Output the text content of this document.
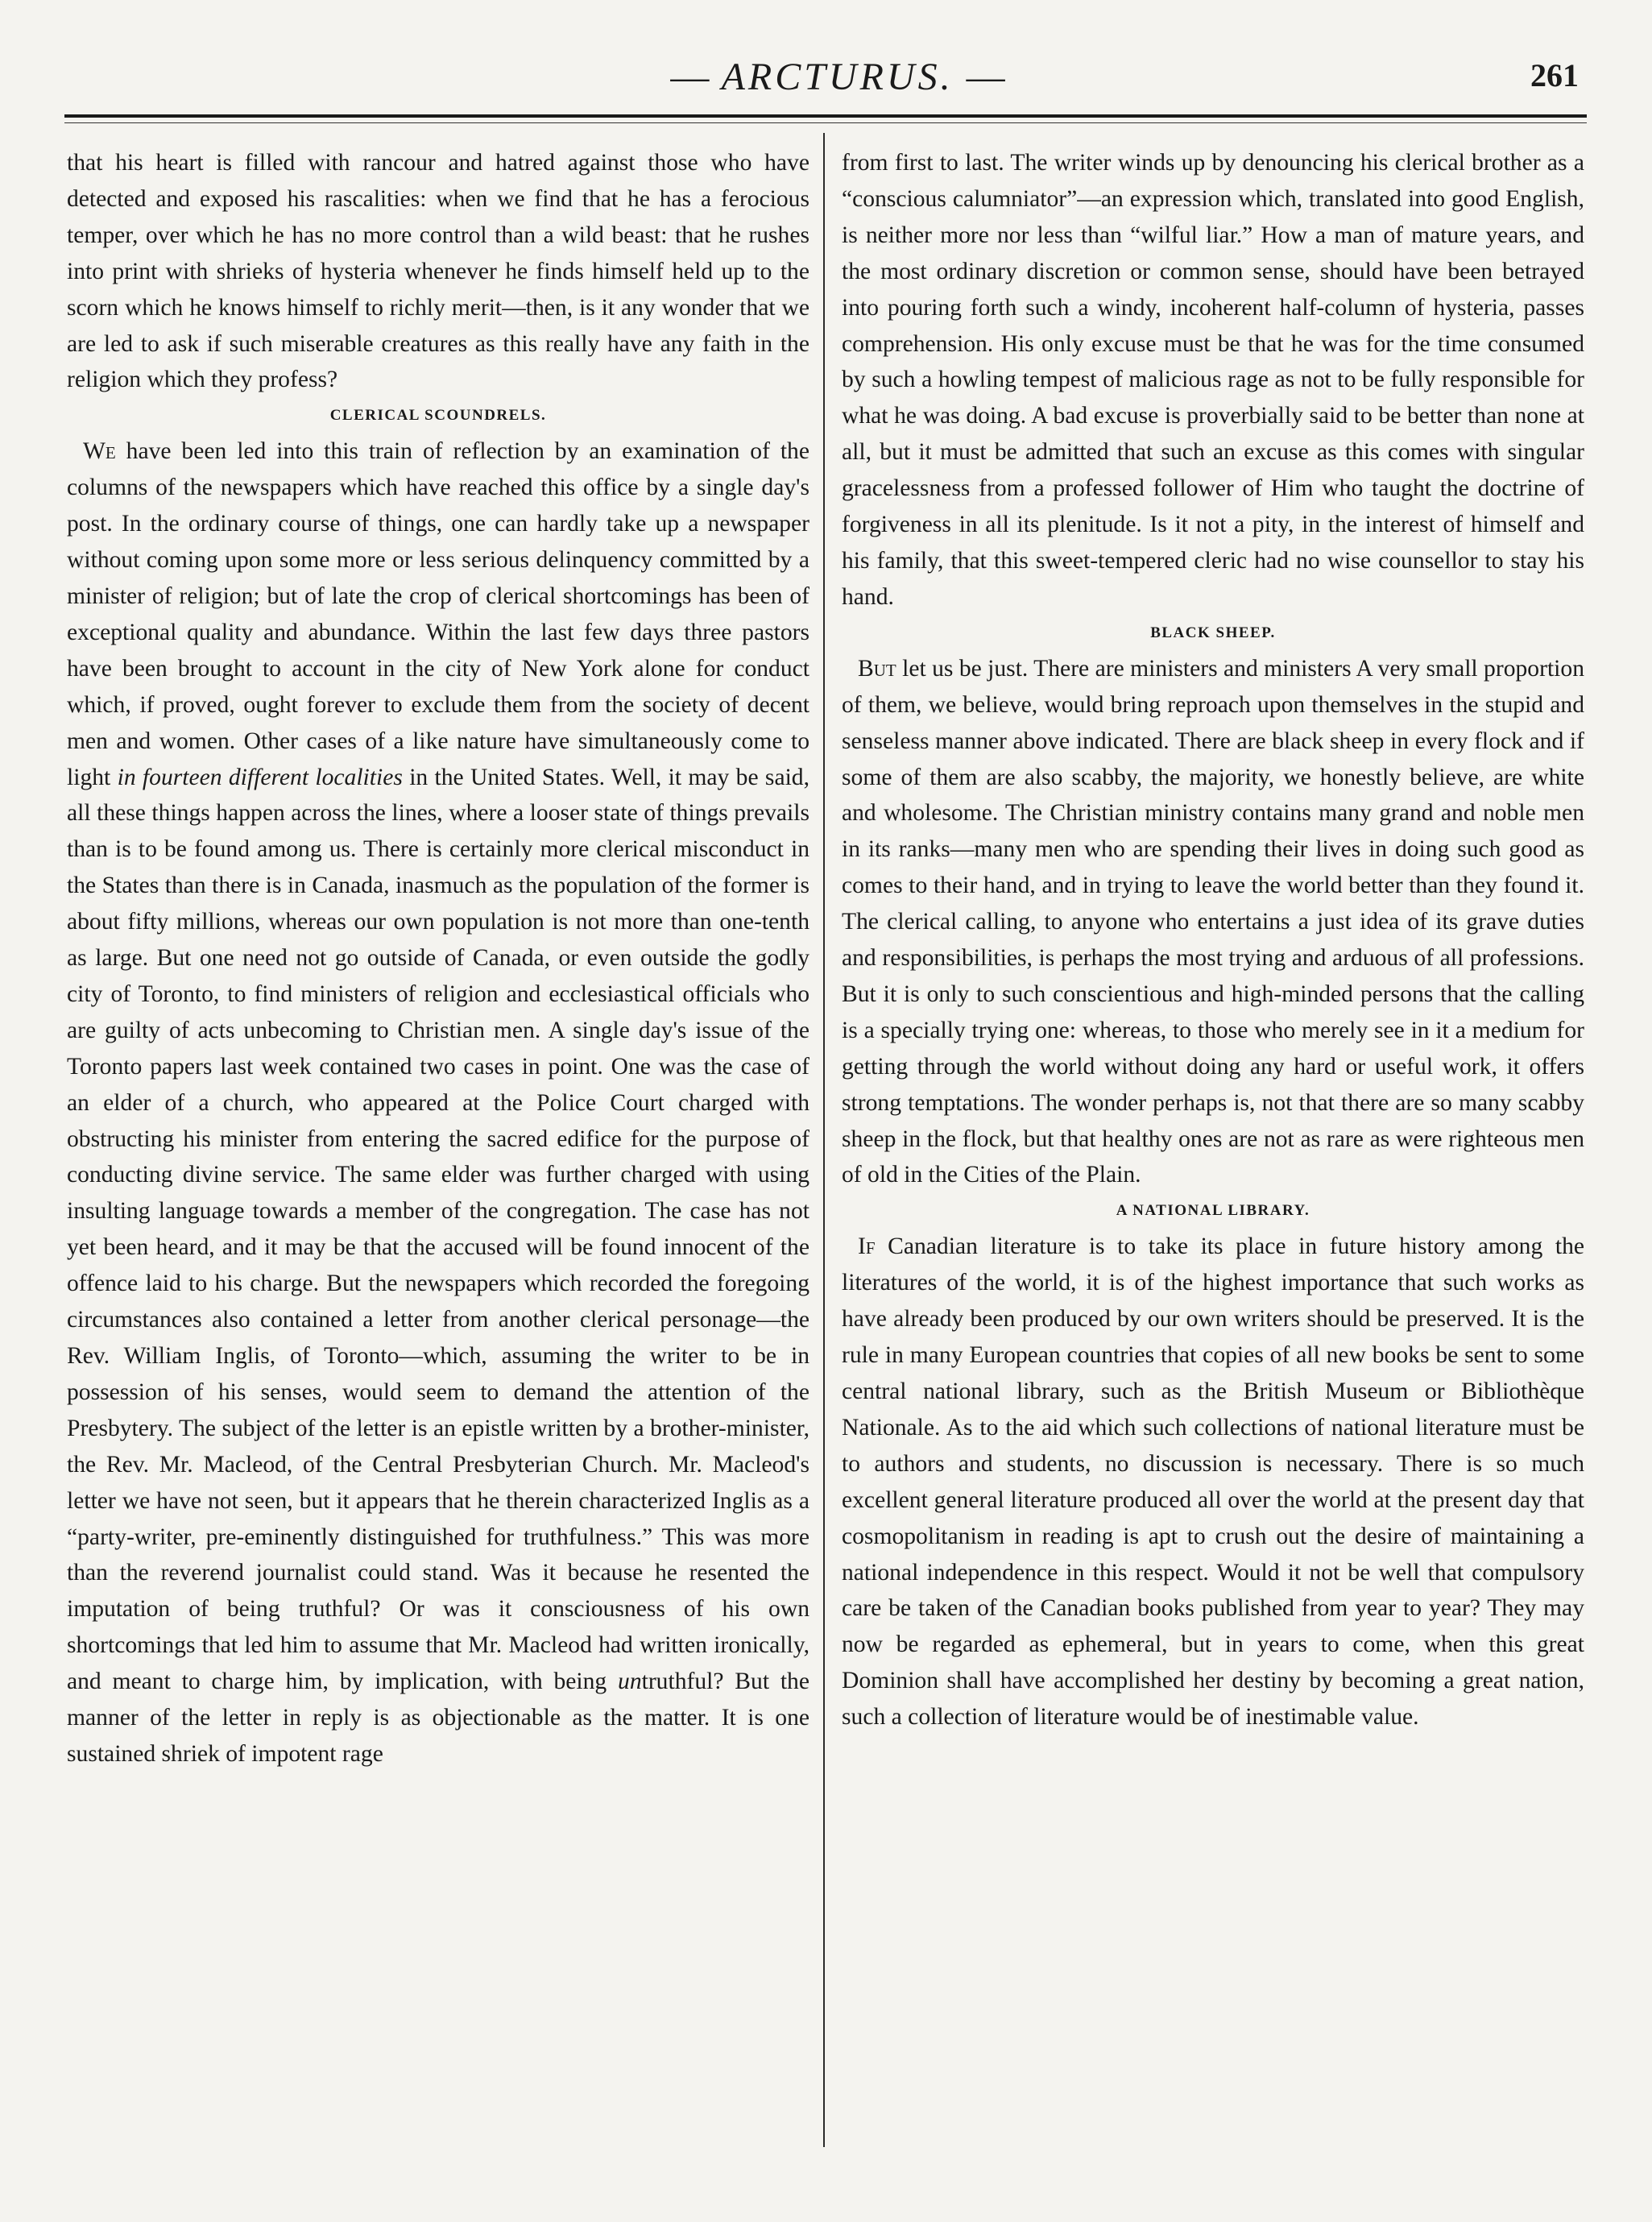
— ARCTURUS. —	261

that his heart is filled with rancour and hatred against those who have detected and exposed his rascalities: when we find that he has a ferocious temper, over which he has no more control than a wild beast: that he rushes into print with shrieks of hysteria whenever he finds himself held up to the scorn which he knows himself to richly merit—then, is it any wonder that we are led to ask if such miserable creatures as this really have any faith in the religion which they profess?

CLERICAL SCOUNDRELS.

We have been led into this train of reflection by an examination of the columns of the newspapers which have reached this office by a single day's post. In the ordinary course of things, one can hardly take up a newspaper without coming upon some more or less serious delinquency committed by a minister of religion; but of late the crop of clerical shortcomings has been of exceptional quality and abundance. Within the last few days three pastors have been brought to account in the city of New York alone for conduct which, if proved, ought forever to exclude them from the society of decent men and women. Other cases of a like nature have simultaneously come to light in fourteen different localities in the United States. Well, it may be said, all these things happen across the lines, where a looser state of things prevails than is to be found among us. There is certainly more clerical misconduct in the States than there is in Canada, inasmuch as the population of the former is about fifty millions, whereas our own population is not more than one-tenth as large. But one need not go outside of Canada, or even outside the godly city of Toronto, to find ministers of religion and ecclesiastical officials who are guilty of acts unbecoming to Christian men. A single day's issue of the Toronto papers last week contained two cases in point. One was the case of an elder of a church, who appeared at the Police Court charged with obstructing his minister from entering the sacred edifice for the purpose of conducting divine service. The same elder was further charged with using insulting language towards a member of the congregation. The case has not yet been heard, and it may be that the accused will be found innocent of the offence laid to his charge. But the newspapers which recorded the foregoing circumstances also contained a letter from another clerical personage—the Rev. William Inglis, of Toronto—which, assuming the writer to be in possession of his senses, would seem to demand the attention of the Presbytery. The subject of the letter is an epistle written by a brother-minister, the Rev. Mr. Macleod, of the Central Presbyterian Church. Mr. Macleod's letter we have not seen, but it appears that he therein characterized Inglis as a “party-writer, pre-eminently distinguished for truthfulness.” This was more than the reverend journalist could stand. Was it because he resented the imputation of being truthful? Or was it consciousness of his own shortcomings that led him to assume that Mr. Macleod had written ironically, and meant to charge him, by implication, with being untruthful? But the manner of the letter in reply is as objectionable as the matter. It is one sustained shriek of impotent rage

from first to last. The writer winds up by denouncing his clerical brother as a “conscious calumniator”—an expression which, translated into good English, is neither more nor less than “wilful liar.” How a man of mature years, and the most ordinary discretion or common sense, should have been betrayed into pouring forth such a windy, incoherent half-column of hysteria, passes comprehension. His only excuse must be that he was for the time consumed by such a howling tempest of malicious rage as not to be fully responsible for what he was doing. A bad excuse is proverbially said to be better than none at all, but it must be admitted that such an excuse as this comes with singular gracelessness from a professed follower of Him who taught the doctrine of forgiveness in all its plenitude. Is it not a pity, in the interest of himself and his family, that this sweet-tempered cleric had no wise counsellor to stay his hand.

BLACK SHEEP.

But let us be just. There are ministers and ministers A very small proportion of them, we believe, would bring reproach upon themselves in the stupid and senseless manner above indicated. There are black sheep in every flock and if some of them are also scabby, the majority, we honestly believe, are white and wholesome. The Christian ministry contains many grand and noble men in its ranks—many men who are spending their lives in doing such good as comes to their hand, and in trying to leave the world better than they found it. The clerical calling, to anyone who entertains a just idea of its grave duties and responsibilities, is perhaps the most trying and arduous of all professions. But it is only to such conscientious and high-minded persons that the calling is a specially trying one: whereas, to those who merely see in it a medium for getting through the world without doing any hard or useful work, it offers strong temptations. The wonder perhaps is, not that there are so many scabby sheep in the flock, but that healthy ones are not as rare as were righteous men of old in the Cities of the Plain.

A NATIONAL LIBRARY.

If Canadian literature is to take its place in future history among the literatures of the world, it is of the highest importance that such works as have already been produced by our own writers should be preserved. It is the rule in many European countries that copies of all new books be sent to some central national library, such as the British Museum or Bibliothèque Nationale. As to the aid which such collections of national literature must be to authors and students, no discussion is necessary. There is so much excellent general literature produced all over the world at the present day that cosmopolitanism in reading is apt to crush out the desire of maintaining a national independence in this respect. Would it not be well that compulsory care be taken of the Canadian books published from year to year? They may now be regarded as ephemeral, but in years to come, when this great Dominion shall have accomplished her destiny by becoming a great nation, such a collection of literature would be of inestimable value.
